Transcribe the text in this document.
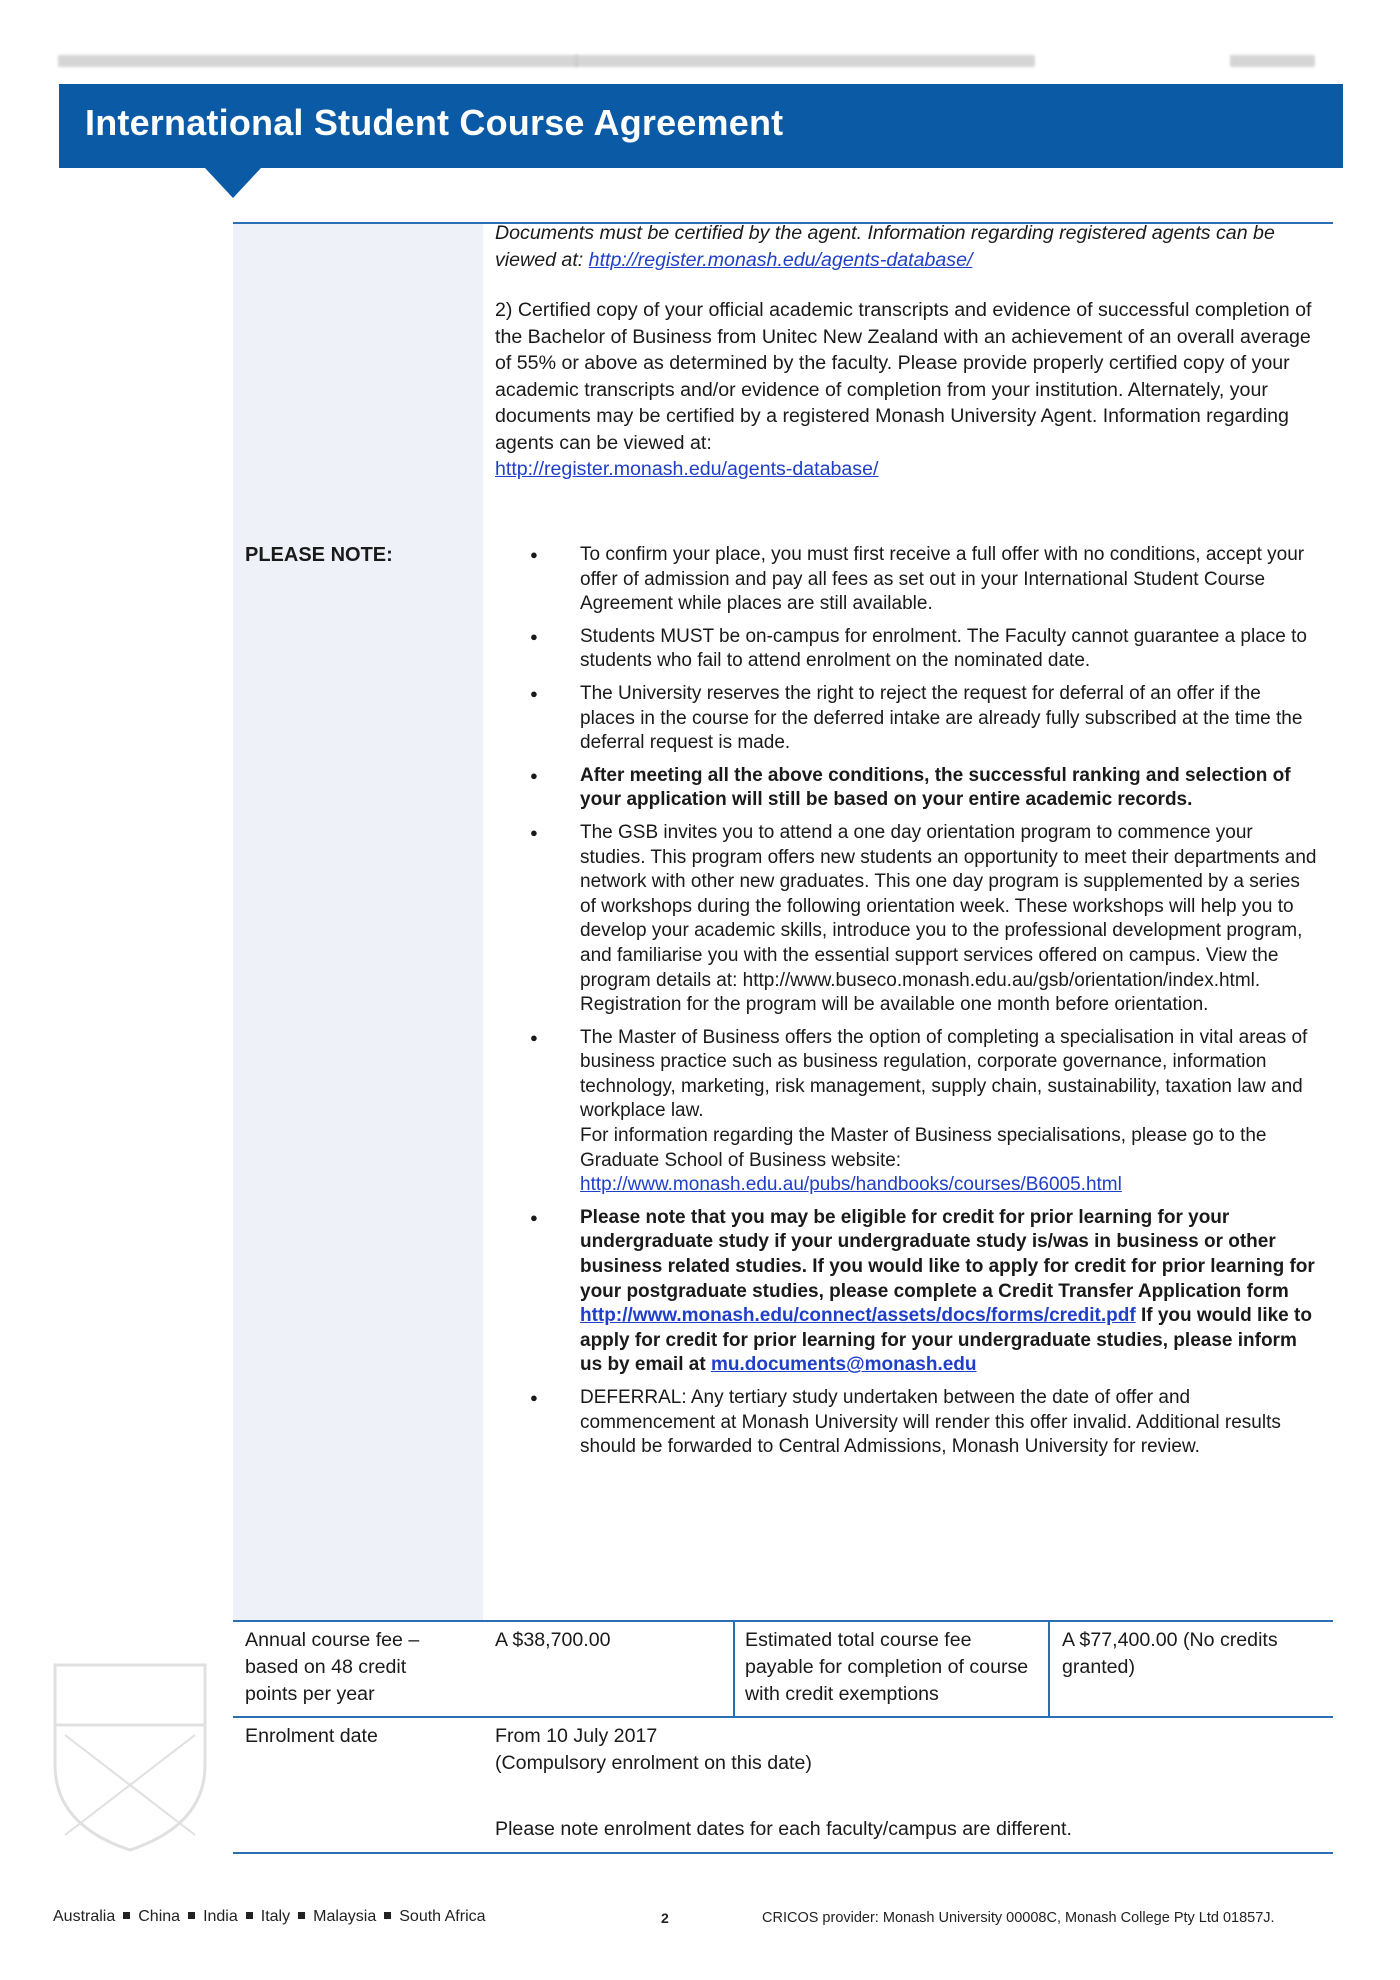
International Student Course Agreement

Documents must be certified by the agent. Information regarding registered agents can be viewed at: http://register.monash.edu/agents-database/

2) Certified copy of your official academic transcripts and evidence of successful completion of the Bachelor of Business from Unitec New Zealand with an achievement of an overall average of 55% or above as determined by the faculty. Please provide properly certified copy of your academic transcripts and/or evidence of completion from your institution. Alternately, your documents may be certified by a registered Monash University Agent. Information regarding agents can be viewed at:
http://register.monash.edu/agents-database/

PLEASE NOTE:
●	To confirm your place, you must first receive a full offer with no conditions, accept your offer of admission and pay all fees as set out in your International Student Course Agreement while places are still available.
● Students MUST be on-campus for enrolment. The Faculty cannot guarantee a place to students who fail to attend enrolment on the nominated date.
● The University reserves the right to reject the request for deferral of an offer if the places in the course for the deferred intake are already fully subscribed at the time the deferral request is made.
● After meeting all the above conditions, the successful ranking and selection of your application will still be based on your entire academic records.
● The GSB invites you to attend a one day orientation program to commence your studies. This program offers new students an opportunity to meet their departments and network with other new graduates. This one day program is supplemented by a series of workshops during the following orientation week. These workshops will help you to develop your academic skills, introduce you to the professional development program, and familiarise you with the essential support services offered on campus. View the program details at: http://www.buseco.monash.edu.au/gsb/orientation/index.html. Registration for the program will be available one month before orientation.
● The Master of Business offers the option of completing a specialisation in vital areas of business practice such as business regulation, corporate governance, information technology, marketing, risk management, supply chain, sustainability, taxation law and workplace law.
For information regarding the Master of Business specialisations, please go to the Graduate School of Business website:
http://www.monash.edu.au/pubs/handbooks/courses/B6005.html
● Please note that you may be eligible for credit for prior learning for your undergraduate study if your undergraduate study is/was in business or other business related studies. If you would like to apply for credit for prior learning for your postgraduate studies, please complete a Credit Transfer Application form
http://www.monash.edu/connect/assets/docs/forms/credit.pdf If you would like to apply for credit for prior learning for your undergraduate studies, please inform us by email at mu.documents@monash.edu
● DEFERRAL: Any tertiary study undertaken between the date of offer and commencement at Monash University will render this offer invalid. Additional results should be forwarded to Central Admissions, Monash University for review.
Annual course fee – based on 48 credit points per year
A $38,700.00	Estimated total course fee payable for completion of course with credit exemptions
A $77,400.00 (No credits granted)
Enrolment date	From 10 July 2017
(Compulsory enrolment on this date)
Please note enrolment dates for each faculty/campus are different.
Australia China India Italy Malaysia South Africa	2	CRICOS provider: Monash University 00008C, Monash College Pty Ltd 01857J.
